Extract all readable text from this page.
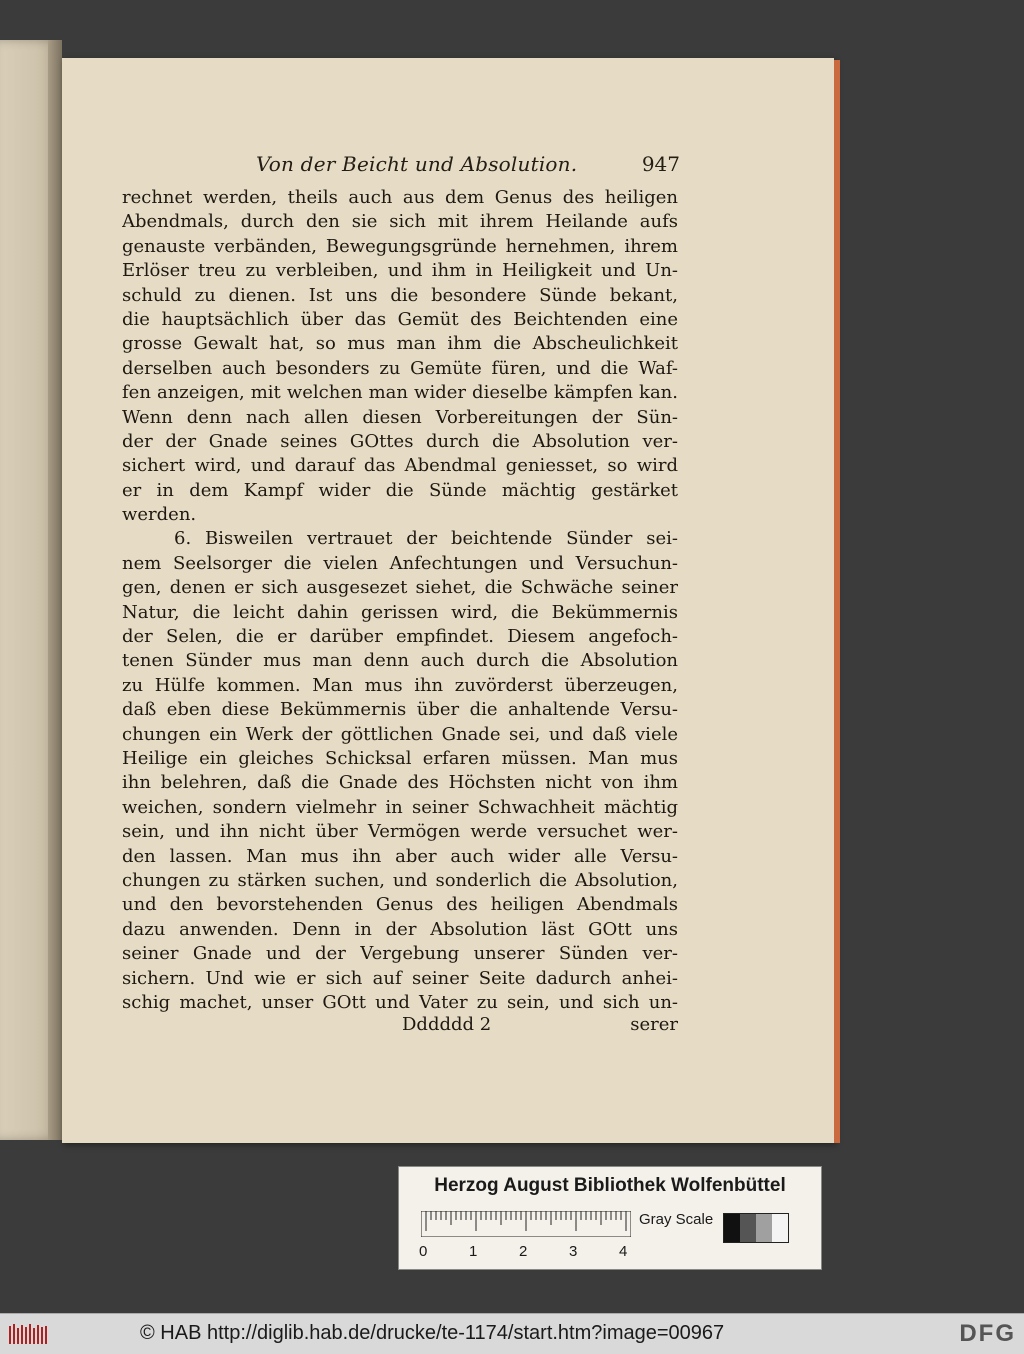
Von der Beicht und Absolution.	947
rechnet werden, theils auch aus dem Genus des heiligen
Abendmals, durch den sie sich mit ihrem Heilande aufs
genauste verbänden, Bewegungsgründe hernehmen, ihrem
Erlöser treu zu verbleiben, und ihm in Heiligkeit und Un-
schuld zu dienen. Ist uns die besondere Sünde bekant,
die hauptsächlich über das Gemüt des Beichtenden eine
grosse Gewalt hat, so mus man ihm die Abscheulichkeit
derselben auch besonders zu Gemüte füren, und die Waf-
fen anzeigen, mit welchen man wider dieselbe kämpfen kan.
Wenn denn nach allen diesen Vorbereitungen der Sün-
der der Gnade seines GOttes durch die Absolution ver-
sichert wird, und darauf das Abendmal geniesset, so wird
er in dem Kampf wider die Sünde mächtig gestärket
werden.
6. Bisweilen vertrauet der beichtende Sünder sei-
nem Seelsorger die vielen Anfechtungen und Versuchun-
gen, denen er sich ausgesezet siehet, die Schwäche seiner
Natur, die leicht dahin gerissen wird, die Bekümmernis
der Selen, die er darüber empfindet. Diesem angefoch-
tenen Sünder mus man denn auch durch die Absolution
zu Hülfe kommen. Man mus ihn zuvörderst überzeugen,
daß eben diese Bekümmernis über die anhaltende Versu-
chungen ein Werk der göttlichen Gnade sei, und daß viele
Heilige ein gleiches Schicksal erfaren müssen. Man mus
ihn belehren, daß die Gnade des Höchsten nicht von ihm
weichen, sondern vielmehr in seiner Schwachheit mächtig
sein, und ihn nicht über Vermögen werde versuchet wer-
den lassen. Man mus ihn aber auch wider alle Versu-
chungen zu stärken suchen, und sonderlich die Absolution,
und den bevorstehenden Genus des heiligen Abendmals
dazu anwenden. Denn in der Absolution läst GOtt uns
seiner Gnade und der Vergebung unserer Sünden ver-
sichern. Und wie er sich auf seiner Seite dadurch anhei-
schig machet, unser GOtt und Vater zu sein, und sich un-
Dddddd 2	serer
Herzog August Bibliothek Wolfenbüttel
0	1	2	3	4
Gray Scale
© HAB http://diglib.hab.de/drucke/te-1174/start.htm?image=00967	DFG
